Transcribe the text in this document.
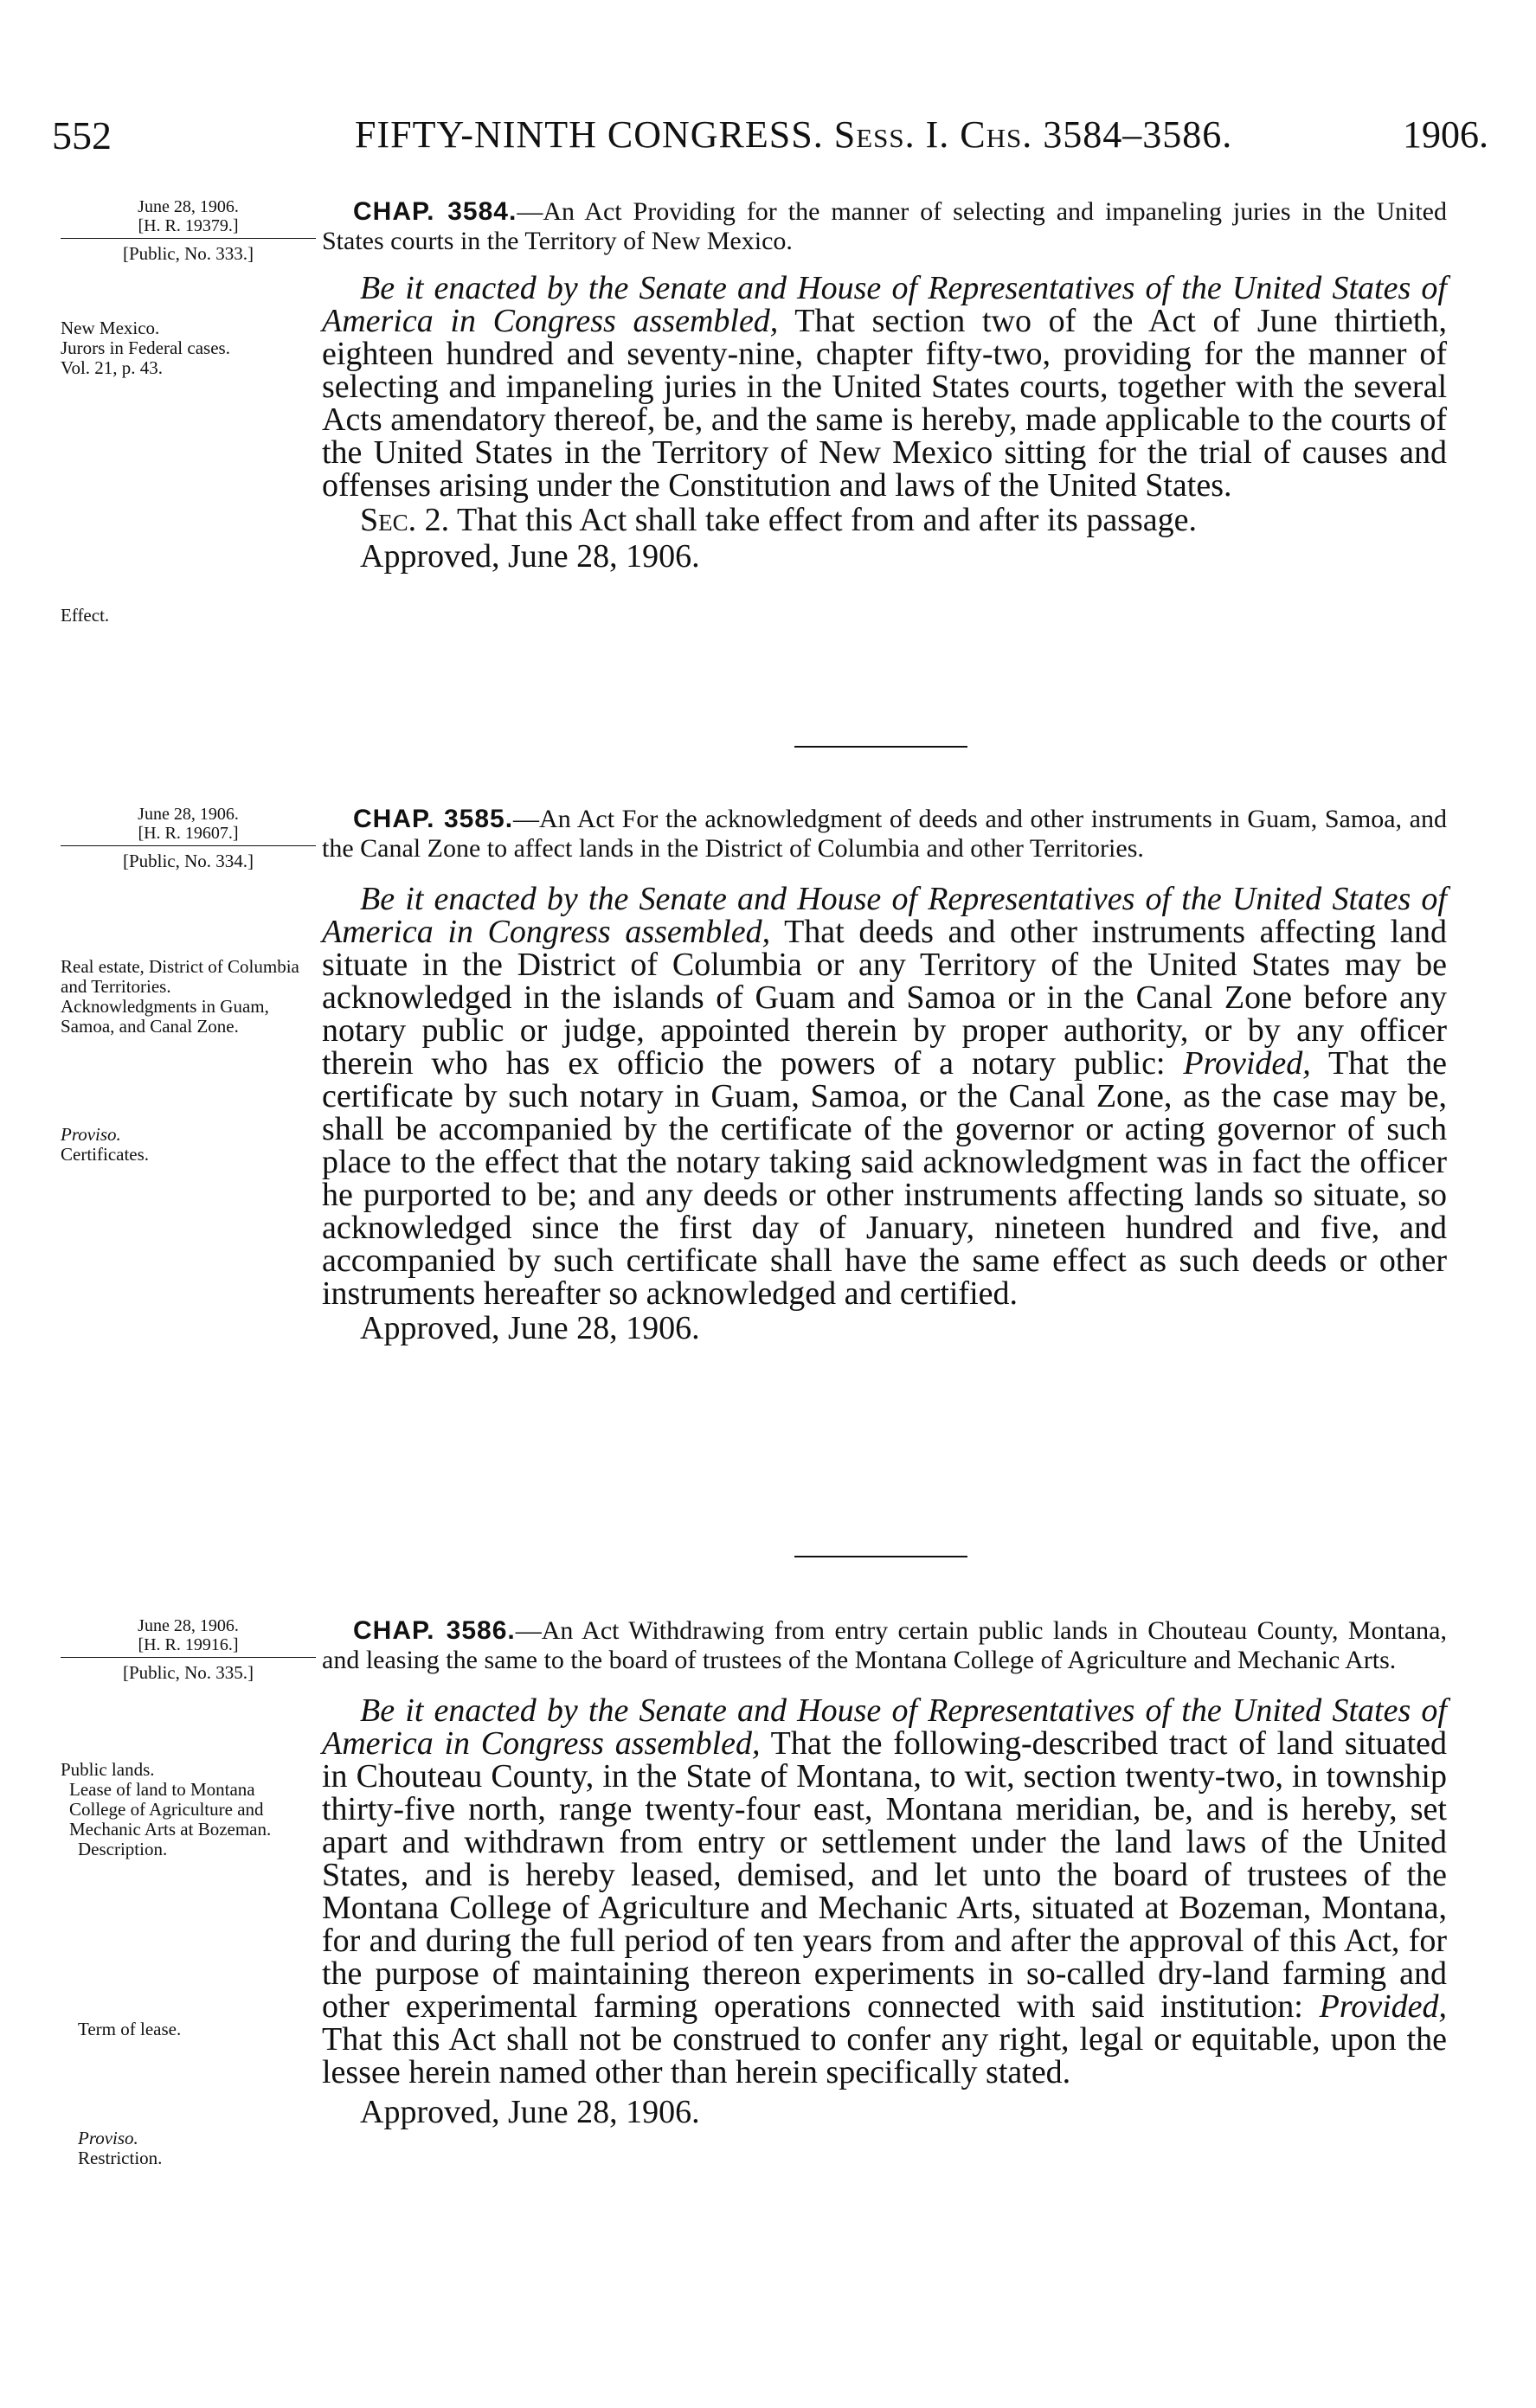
552	FIFTY-NINTH CONGRESS. Sess. I. Chs. 3584–3586.	1906.
June 28, 1906.
[H. R. 19379.]
[Public, No. 333.]
New Mexico.
Jurors in Federal cases.
Vol. 21, p. 43.
Effect.
CHAP. 3584.—An Act Providing for the manner of selecting and impaneling juries in the United States courts in the Territory of New Mexico.

Be it enacted by the Senate and House of Representatives of the United States of America in Congress assembled, That section two of the Act of June thirtieth, eighteen hundred and seventy-nine, chapter fifty-two, providing for the manner of selecting and impaneling juries in the United States courts, together with the several Acts amendatory thereof, be, and the same is hereby, made applicable to the courts of the United States in the Territory of New Mexico sitting for the trial of causes and offenses arising under the Constitution and laws of the United States.

Sec. 2. That this Act shall take effect from and after its passage.
Approved, June 28, 1906.
June 28, 1906.
[H. R. 19607.]
[Public, No. 334.]
Real estate, District of Columbia and Territories.
Acknowledgments in Guam, Samoa, and Canal Zone.
Proviso.
Certificates.
CHAP. 3585.—An Act For the acknowledgment of deeds and other instruments in Guam, Samoa, and the Canal Zone to affect lands in the District of Columbia and other Territories.

Be it enacted by the Senate and House of Representatives of the United States of America in Congress assembled, That deeds and other instruments affecting land situate in the District of Columbia or any Territory of the United States may be acknowledged in the islands of Guam and Samoa or in the Canal Zone before any notary public or judge, appointed therein by proper authority, or by any officer therein who has ex officio the powers of a notary public: Provided, That the certificate by such notary in Guam, Samoa, or the Canal Zone, as the case may be, shall be accompanied by the certificate of the governor or acting governor of such place to the effect that the notary taking said acknowledgment was in fact the officer he purported to be; and any deeds or other instruments affecting lands so situate, so acknowledged since the first day of January, nineteen hundred and five, and accompanied by such certificate shall have the same effect as such deeds or other instruments hereafter so acknowledged and certified.

Approved, June 28, 1906.
June 28, 1906.
[H. R. 19916.]
[Public, No. 335.]
Public lands.
Lease of land to Montana College of Agriculture and Mechanic Arts at Bozeman.
Description.
Term of lease.
Proviso.
Restriction.
CHAP. 3586.—An Act Withdrawing from entry certain public lands in Chouteau County, Montana, and leasing the same to the board of trustees of the Montana College of Agriculture and Mechanic Arts.

Be it enacted by the Senate and House of Representatives of the United States of America in Congress assembled, That the following-described tract of land situated in Chouteau County, in the State of Montana, to wit, section twenty-two, in township thirty-five north, range twenty-four east, Montana meridian, be, and is hereby, set apart and withdrawn from entry or settlement under the land laws of the United States, and is hereby leased, demised, and let unto the board of trustees of the Montana College of Agriculture and Mechanic Arts, situated at Bozeman, Montana, for and during the full period of ten years from and after the approval of this Act, for the purpose of maintaining thereon experiments in so-called dry-land farming and other experimental farming operations connected with said institution: Provided, That this Act shall not be construed to confer any right, legal or equitable, upon the lessee herein named other than herein specifically stated.

Approved, June 28, 1906.
